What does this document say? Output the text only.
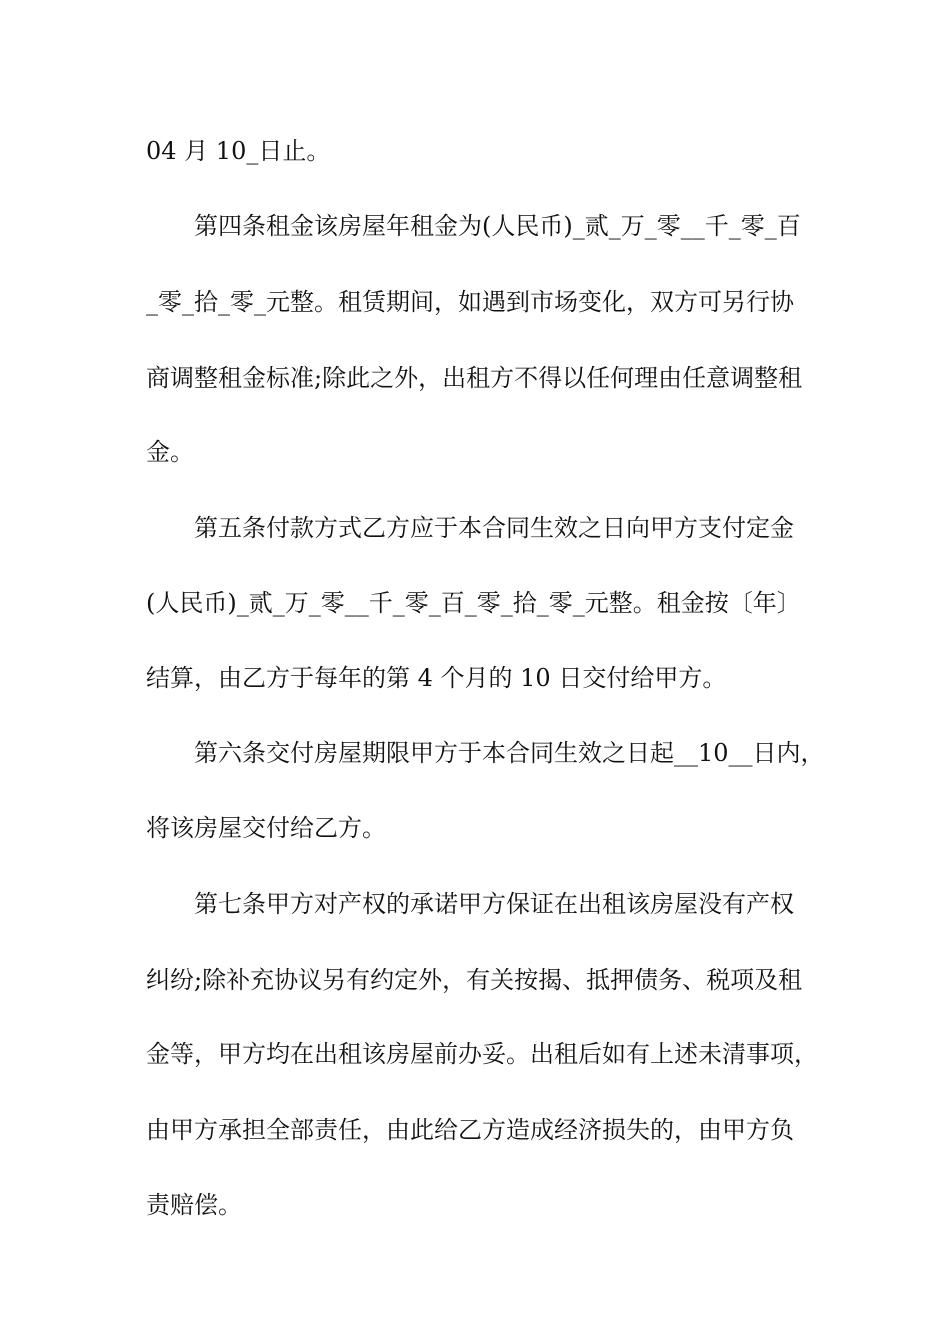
04 月 10_日止。

第四条租金该房屋年租金为(人民币)_贰_万_零__千_零_百

_零_拾_零_元整。租赁期间，如遇到市场变化，双方可另行协

商调整租金标准;除此之外，出租方不得以任何理由任意调整租

金。

第五条付款方式乙方应于本合同生效之日向甲方支付定金

(人民币)_贰_万_零__千_零_百_零_拾_零_元整。租金按〔年〕

结算，由乙方于每年的第 4 个月的 10 日交付给甲方。

第六条交付房屋期限甲方于本合同生效之日起__10__日内，

将该房屋交付给乙方。

第七条甲方对产权的承诺甲方保证在出租该房屋没有产权

纠纷;除补充协议另有约定外，有关按揭、抵押债务、税项及租

金等，甲方均在出租该房屋前办妥。出租后如有上述未清事项，

由甲方承担全部责任，由此给乙方造成经济损失的，由甲方负

责赔偿。
